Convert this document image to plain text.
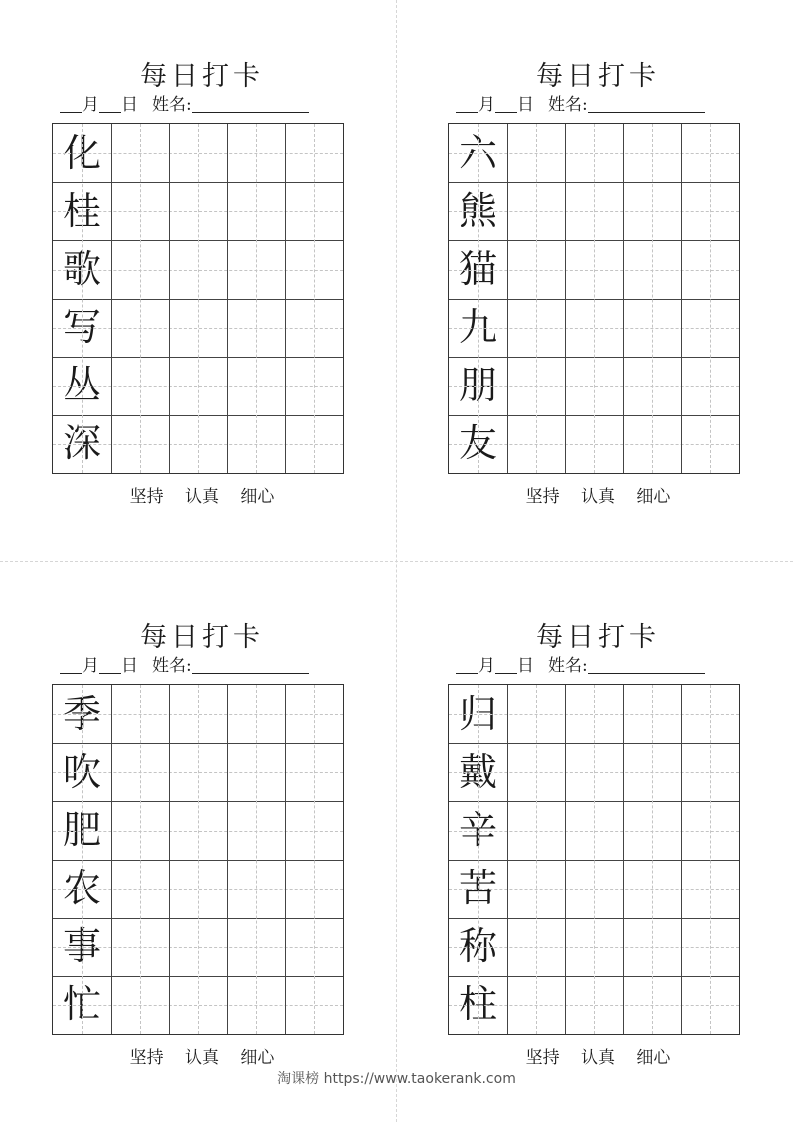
每日打卡
月 日 姓名:
化
桂
歌
写
丛
深
坚持 认真 细心
每日打卡
月 日 姓名:
六
熊
猫
九
朋
友
坚持 认真 细心
每日打卡
月 日 姓名:
季
吹
肥
农
事
忙
坚持 认真 细心
每日打卡
月 日 姓名:
归
戴
辛
苦
称
柱
坚持 认真 细心
淘课榜 https://www.taokerank.com
